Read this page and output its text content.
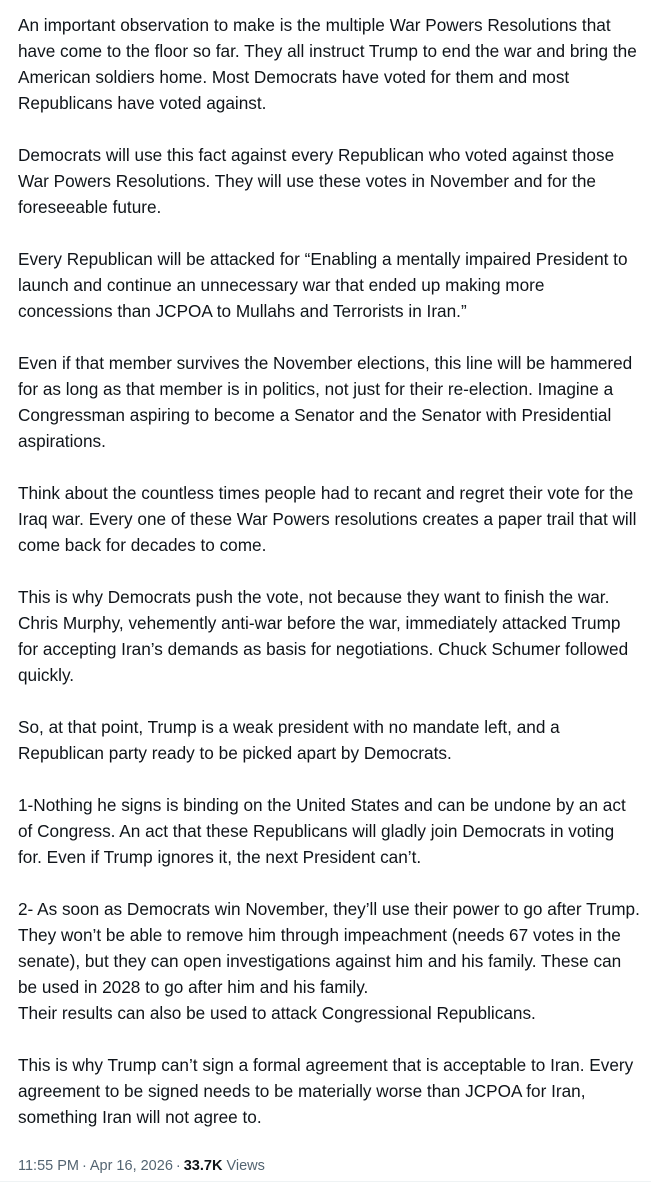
An important observation to make is the multiple War Powers Resolutions that have come to the floor so far. They all instruct Trump to end the war and bring the American soldiers home. Most Democrats have voted for them and most Republicans have voted against.

Democrats will use this fact against every Republican who voted against those War Powers Resolutions. They will use these votes in November and for the foreseeable future.

Every Republican will be attacked for “Enabling a mentally impaired President to launch and continue an unnecessary war that ended up making more concessions than JCPOA to Mullahs and Terrorists in Iran.”

Even if that member survives the November elections, this line will be hammered for as long as that member is in politics, not just for their re-election. Imagine a Congressman aspiring to become a Senator and the Senator with Presidential aspirations.

Think about the countless times people had to recant and regret their vote for the Iraq war. Every one of these War Powers resolutions creates a paper trail that will come back for decades to come.

This is why Democrats push the vote, not because they want to finish the war. Chris Murphy, vehemently anti-war before the war, immediately attacked Trump for accepting Iran’s demands as basis for negotiations. Chuck Schumer followed quickly.

So, at that point, Trump is a weak president with no mandate left, and a Republican party ready to be picked apart by Democrats.

1-Nothing he signs is binding on the United States and can be undone by an act of Congress. An act that these Republicans will gladly join Democrats in voting for. Even if Trump ignores it, the next President can’t.

2- As soon as Democrats win November, they’ll use their power to go after Trump. They won’t be able to remove him through impeachment (needs 67 votes in the senate), but they can open investigations against him and his family. These can be used in 2028 to go after him and his family.
Their results can also be used to attack Congressional Republicans.

This is why Trump can’t sign a formal agreement that is acceptable to Iran. Every agreement to be signed needs to be materially worse than JCPOA for Iran, something Iran will not agree to.

11:55 PM · Apr 16, 2026 · 33.7K Views
